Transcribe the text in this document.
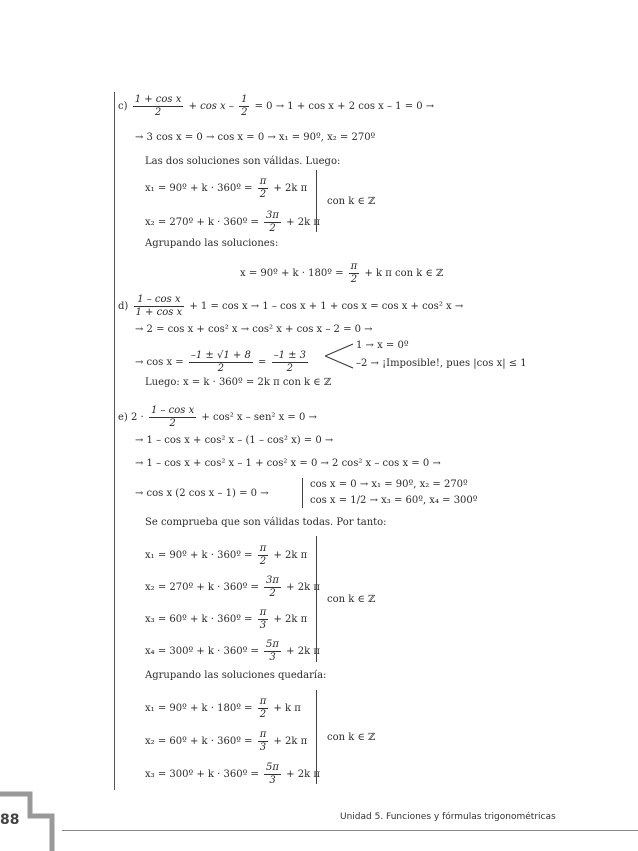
$c) \frac{\text{1 + cos x}}{2} + \cos x - \frac{1}{2} = 0 \to 1 + \cos x + 2$ cos x – 1 = 0 →
→ 3 cos x = 0 → cos x = 0 → x₁ = 90º, x₂ = 270º
Las dos soluciones son válidas. Luego:
x₁ = 90º + k · 360º = $\frac{\pi}{2} + 2k$ π
x₂ = 270º + k · 360º = $\frac{3\pi}{2} + 2k$ π
con k ∈ ℤ
Agrupando las soluciones:
x = 90º + k · 180º = $\frac{\pi}{2} + k$ π con k ∈ ℤ
$d) \frac{\text{1 – cos x}}{\text{1 + cos x}} + 1 = \cos x \to 1 - \cos x + 1 + \cos x = \cos x + \cos^2$ x →
→ 2 = cos x + cos² x → cos² x + cos x – 2 = 0 →
→ $\cos x = \frac{-1 \pm √1 + 8}{2} = \frac{-1 \pm 3}{2}$
1 → x = 0º
–2 → ¡Imposible!, pues |cos x| ≤ 1
Luego: x = k · 360º = 2k π con k ∈ ℤ
e) $2 \cdot \frac{\text{1 – cos x}}{2} + \cos^2$ x – sen² x = 0 →
→ 1 – cos x + cos² x – (1 – cos² x) = 0 →
→ 1 – cos x + cos² x – 1 + cos² x = 0 → 2 cos² x – cos x = 0 →
→ cos x (2 cos x – 1) = 0 →
cos x = 0 → x₁ = 90º, x₂ = 270º
cos x = 1/2 → x₃ = 60º, x₄ = 300º
Se comprueba que son válidas todas. Por tanto:
x₁ = 90º + k · 360º = $\frac{\pi}{2} + 2k$ π
x₂ = 270º + k · 360º = $\frac{3\pi}{2} + 2k$ π
x₃ = 60º + k · 360º = $\frac{\pi}{3} + 2k$ π
x₄ = 300º + k · 360º = $\frac{5\pi}{3} + 2k$ π
con k ∈ ℤ
Agrupando las soluciones quedaría:
x₁ = 90º + k · 180º = $\frac{\pi}{2} + k$ π
x₂ = 60º + k · 360º = $\frac{\pi}{3} + 2k$ π
x₃ = 300º + k · 360º = $\frac{5\pi}{3} + 2k$ π
con k ∈ ℤ
88	Unidad 5. Funciones y fórmulas trigonométricas
